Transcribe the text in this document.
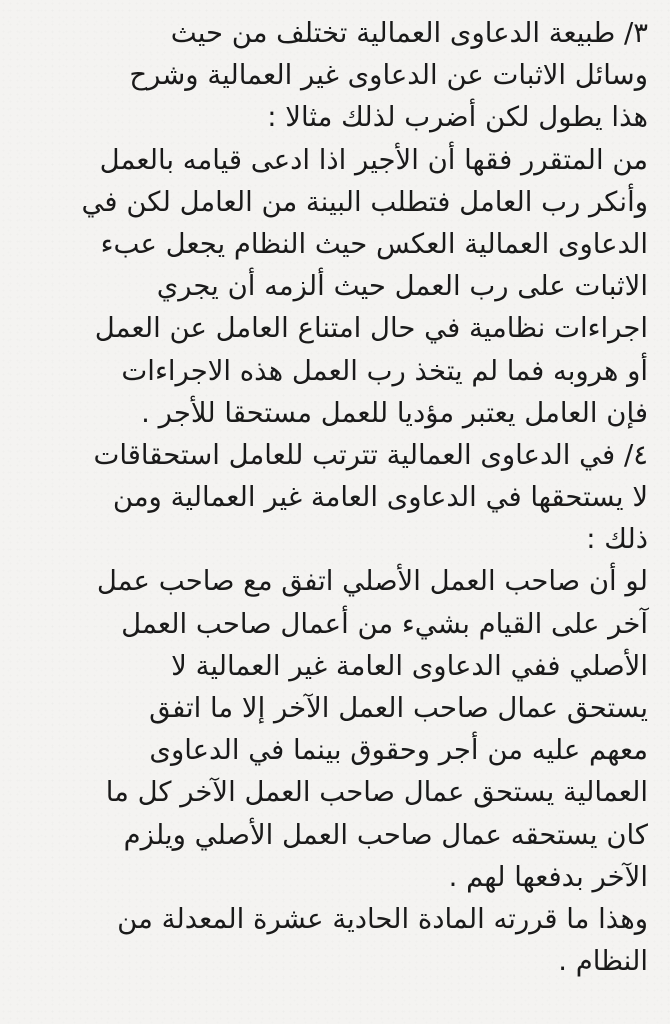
٣/ طبيعة الدعاوى العمالية تختلف من حيث
وسائل الاثبات عن الدعاوى غير العمالية وشرح
هذا يطول لكن أضرب لذلك مثالا :
من المتقرر فقها أن الأجير اذا ادعى قيامه بالعمل
وأنكر رب العامل فتطلب البينة من العامل لكن في
الدعاوى العمالية العكس حيث النظام يجعل عبء
الاثبات على رب العمل حيث ألزمه أن يجري
اجراءات نظامية في حال امتناع العامل عن العمل
أو هروبه فما لم يتخذ رب العمل هذه الاجراءات
فإن العامل يعتبر مؤديا للعمل مستحقا للأجر .
٤/ في الدعاوى العمالية تترتب للعامل استحقاقات
لا يستحقها في الدعاوى العامة غير العمالية ومن
ذلك :
لو أن صاحب العمل الأصلي اتفق مع صاحب عمل
آخر على القيام بشيء من أعمال صاحب العمل
الأصلي ففي الدعاوى العامة غير العمالية لا
يستحق عمال صاحب العمل الآخر إلا ما اتفق
معهم عليه من أجر وحقوق بينما في الدعاوى
العمالية يستحق عمال صاحب العمل الآخر كل ما
كان يستحقه عمال صاحب العمل الأصلي ويلزم
الآخر بدفعها لهم .
وهذا ما قررته المادة الحادية عشرة المعدلة من
النظام .
